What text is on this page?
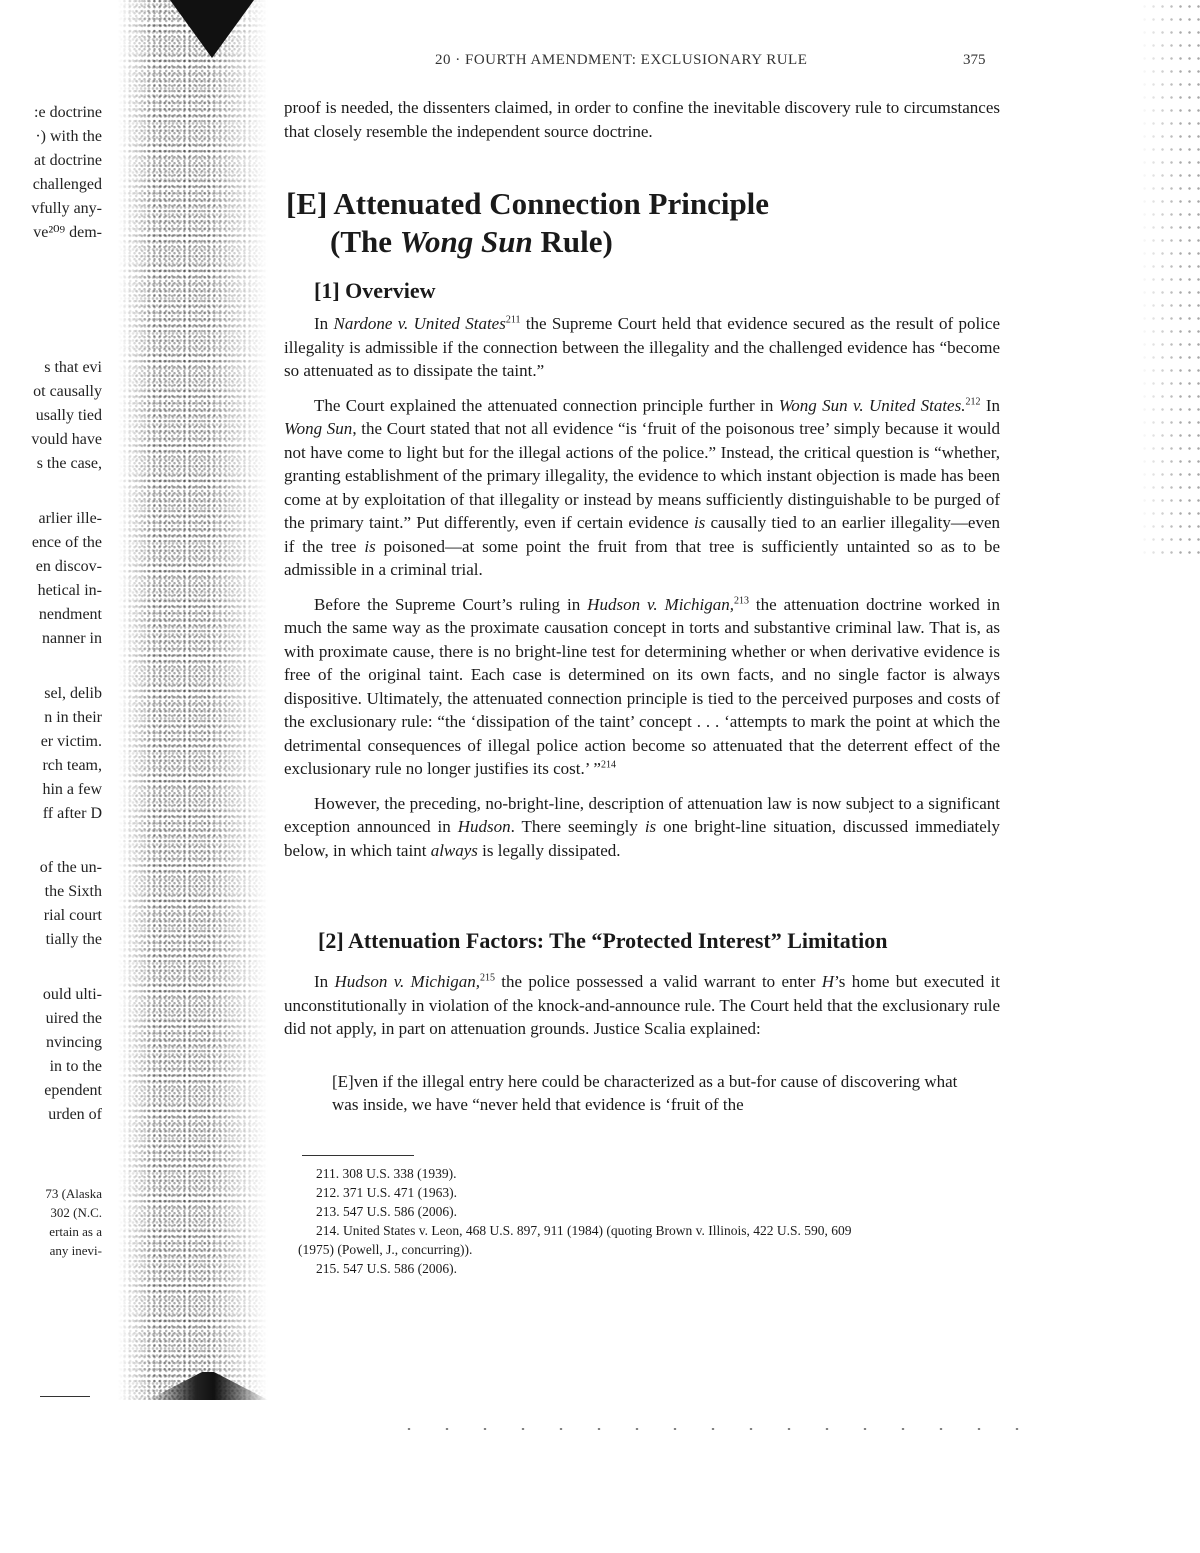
:e doctrine
·) with the
at doctrine
challenged
vfully any-
ve²⁰⁹ dem-
s that evi
ot causally
usally tied
vould have
s the case,
arlier ille-
ence of the
en discov-
hetical in-
nendment
nanner in
sel, delib
n in their
er victim.
rch team,
hin a few
ff after D
of the un-
the Sixth
rial court
tially the
ould ulti-
uired the
nvincing
in to the
ependent
urden of
73 (Alaska
302 (N.C.
ertain as a
any inevi-
20 · FOURTH AMENDMENT: EXCLUSIONARY RULE	375

proof is needed, the dissenters claimed, in order to confine the inevitable discovery rule to circumstances that closely resemble the independent source doctrine.

[E] Attenuated Connection Principle
(The Wong Sun Rule)
[1] Overview

In Nardone v. United States$^{211}$ the Supreme Court held that evidence secured as the result of police illegality is admissible if the connection between the illegality and the challenged evidence has “become so attenuated as to dissipate the taint.”

The Court explained the attenuated connection principle further in Wong Sun v. United States.$^{212}$ In Wong Sun, the Court stated that not all evidence “is ‘fruit of the poisonous tree’ simply because it would not have come to light but for the illegal actions of the police.” Instead, the critical question is “whether, granting establishment of the primary illegality, the evidence to which instant objection is made has been come at by exploitation of that illegality or instead by means sufficiently distinguishable to be purged of the primary taint.” Put differently, even if certain evidence is causally tied to an earlier illegality—even if the tree is poisoned—at some point the fruit from that tree is sufficiently untainted so as to be admissible in a criminal trial.

Before the Supreme Court’s ruling in Hudson v. Michigan,$^{213}$ the attenuation doctrine worked in much the same way as the proximate causation concept in torts and substantive criminal law. That is, as with proximate cause, there is no bright-line test for determining whether or when derivative evidence is free of the original taint. Each case is determined on its own facts, and no single factor is always dispositive. Ultimately, the attenuated connection principle is tied to the perceived purposes and costs of the exclusionary rule: “the ‘dissipation of the taint’ concept . . . ‘attempts to mark the point at which the detrimental consequences of illegal police action become so attenuated that the deterrent effect of the exclusionary rule no longer justifies its cost.’ ”$^{214}$

However, the preceding, no-bright-line, description of attenuation law is now subject to a significant exception announced in Hudson. There seemingly is one bright-line situation, discussed immediately below, in which taint always is legally dissipated.

[2] Attenuation Factors: The “Protected Interest” Limitation

In Hudson v. Michigan,$^{215}$ the police possessed a valid warrant to enter H’s home but executed it unconstitutionally in violation of the knock-and-announce rule. The Court held that the exclusionary rule did not apply, in part on attenuation grounds. Justice Scalia explained:

[E]ven if the illegal entry here could be characterized as a but-for cause of discovering what was inside, we have “never held that evidence is ‘fruit of the
211. 308 U.S. 338 (1939).
212. 371 U.S. 471 (1963).
213. 547 U.S. 586 (2006).
214. United States v. Leon, 468 U.S. 897, 911 (1984) (quoting Brown v. Illinois, 422 U.S. 590, 609
(1975) (Powell, J., concurring)).
215. 547 U.S. 586 (2006).
